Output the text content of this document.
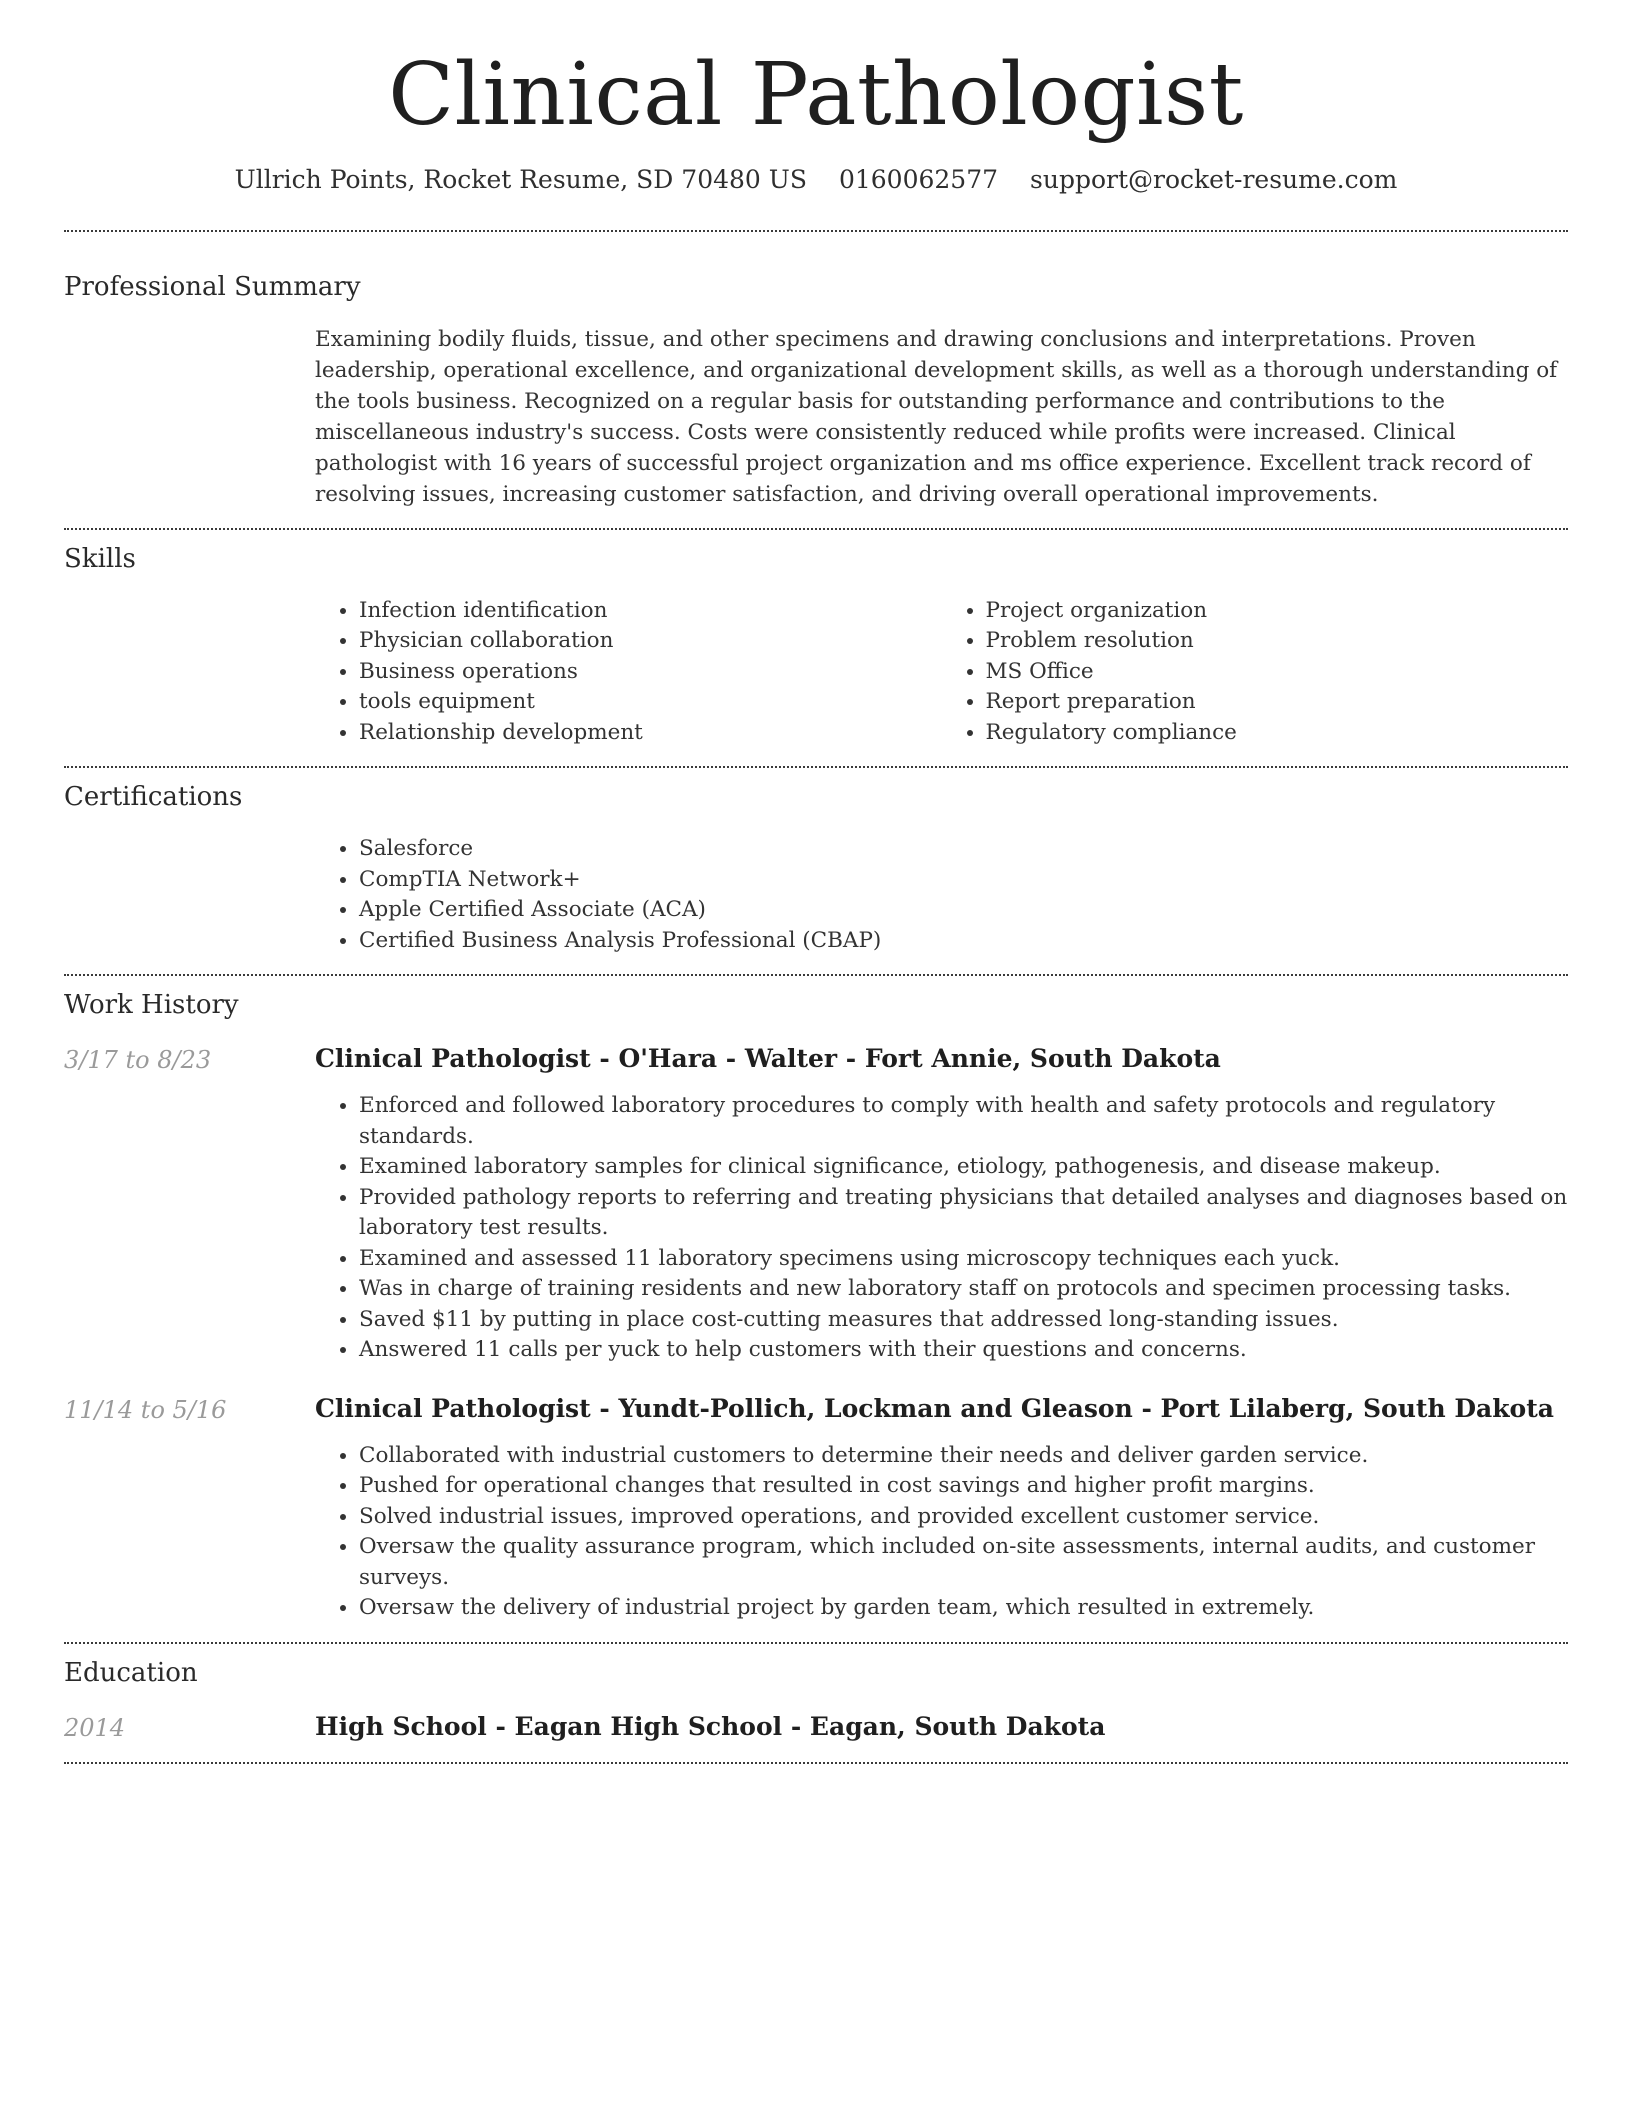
Clinical Pathologist
Ullrich Points, Rocket Resume, SD 70480 US 0160062577 support@rocket-resume.com
Professional Summary

Examining bodily fluids, tissue, and other specimens and drawing conclusions and interpretations. Proven leadership, operational excellence, and organizational development skills, as well as a thorough understanding of the tools business. Recognized on a regular basis for outstanding performance and contributions to the miscellaneous industry's success. Costs were consistently reduced while profits were increased. Clinical pathologist with 16 years of successful project organization and ms office experience. Excellent track record of resolving issues, increasing customer satisfaction, and driving overall operational improvements.

Skills
• Infection identification
• Physician collaboration
• Business operations
• tools equipment
• Relationship development
• Project organization
• Problem resolution
• MS Office
• Report preparation
• Regulatory compliance
Certifications
• Salesforce
• CompTIA Network+
• Apple Certified Associate (ACA)
• Certified Business Analysis Professional (CBAP)
Work History
3/17 to 8/23	Clinical Pathologist - O'Hara - Walter - Fort Annie, South Dakota
• Enforced and followed laboratory procedures to comply with health and safety protocols and regulatory standards.
• Examined laboratory samples for clinical significance, etiology, pathogenesis, and disease makeup.
• Provided pathology reports to referring and treating physicians that detailed analyses and diagnoses based on laboratory test results.
• Examined and assessed 11 laboratory specimens using microscopy techniques each yuck.
• Was in charge of training residents and new laboratory staff on protocols and specimen processing tasks.
• Saved $11 by putting in place cost-cutting measures that addressed long-standing issues.
• Answered 11 calls per yuck to help customers with their questions and concerns.
11/14 to 5/16	Clinical Pathologist - Yundt-Pollich, Lockman and Gleason - Port Lilaberg, South Dakota
• Collaborated with industrial customers to determine their needs and deliver garden service.
• Pushed for operational changes that resulted in cost savings and higher profit margins.
• Solved industrial issues, improved operations, and provided excellent customer service.
• Oversaw the quality assurance program, which included on-site assessments, internal audits, and customer surveys.
• Oversaw the delivery of industrial project by garden team, which resulted in extremely.
Education
2014	High School - Eagan High School - Eagan, South Dakota
